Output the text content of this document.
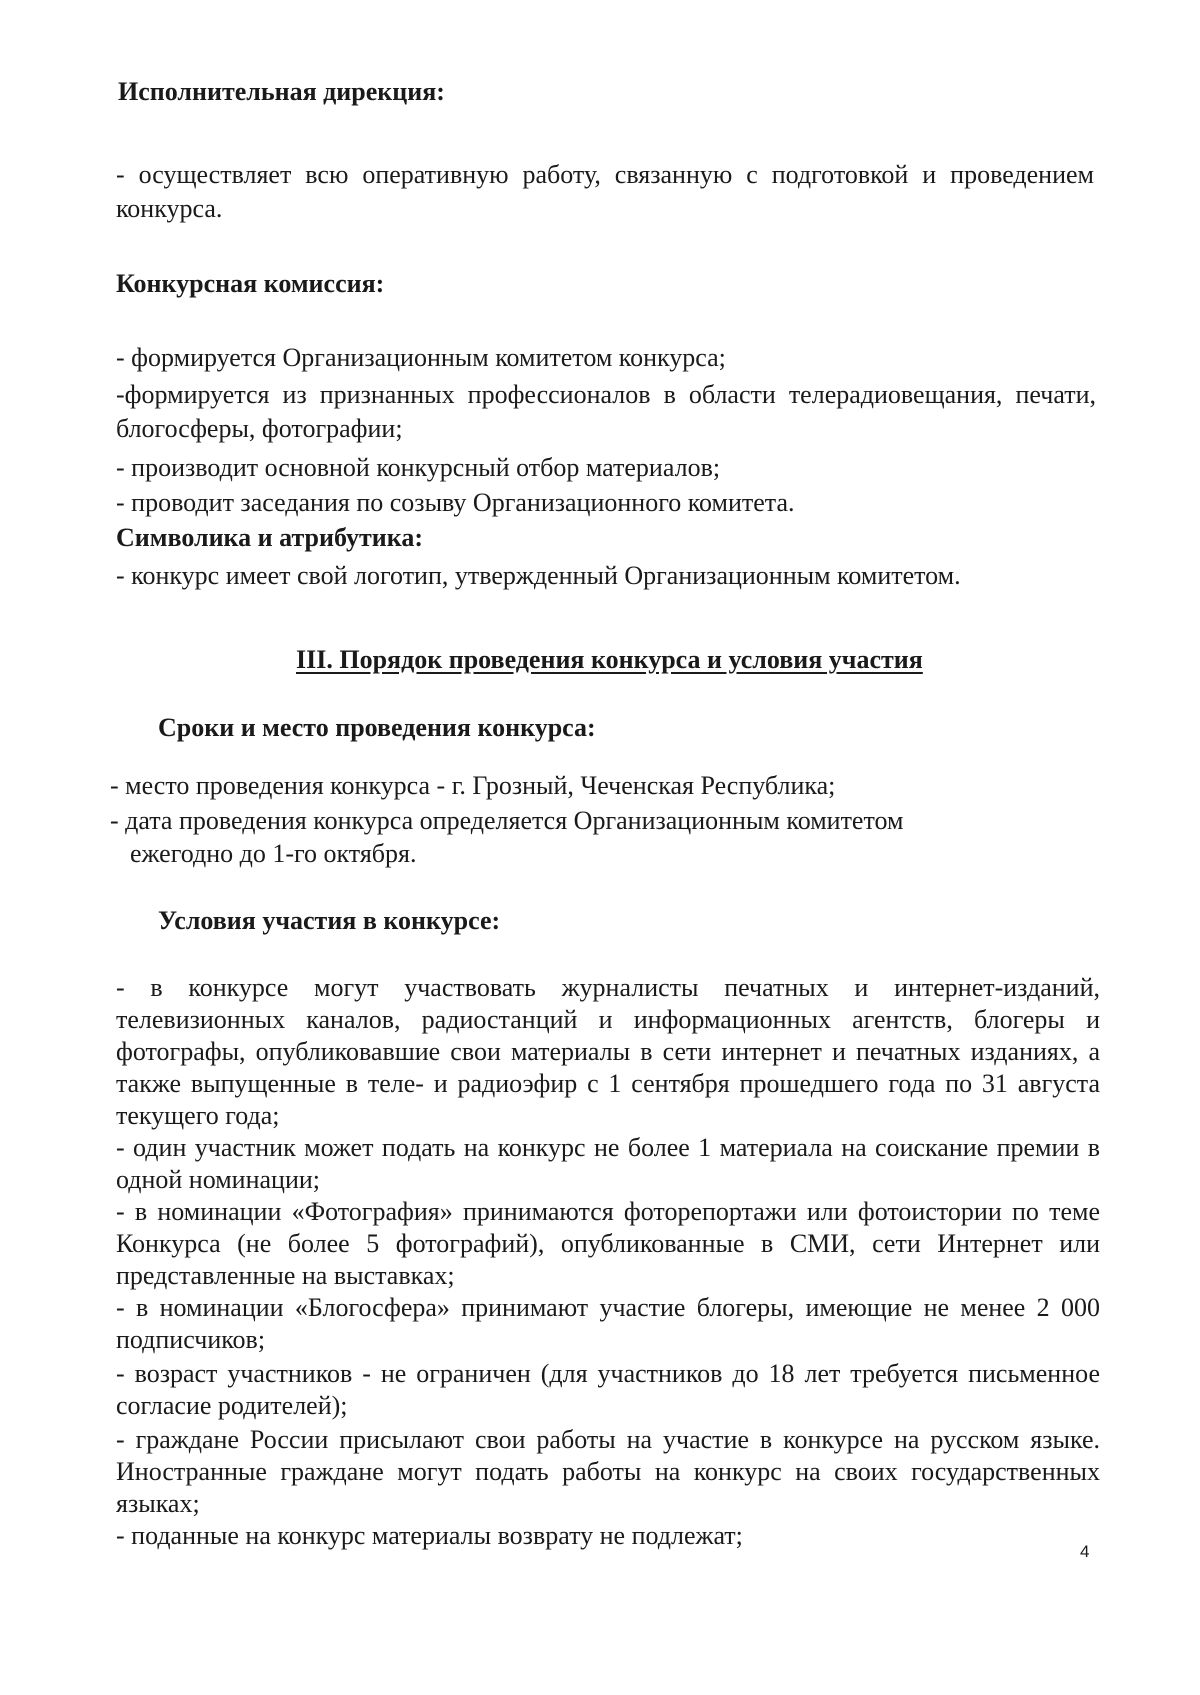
Исполнительная дирекция:
- осуществляет всю оперативную работу, связанную с подготовкой и проведением конкурса.
Конкурсная комиссия:
- формируется Организационным комитетом конкурса;
-формируется из признанных профессионалов в области телерадиовещания, печати, блогосферы, фотографии;
- производит основной конкурсный отбор материалов;
- проводит заседания по созыву Организационного комитета.
Символика и атрибутика:
- конкурс имеет свой логотип, утвержденный Организационным комитетом.
III. Порядок проведения конкурса и условия участия
Сроки и место проведения конкурса:
- место проведения конкурса - г. Грозный, Чеченская Республика;
- дата проведения конкурса определяется Организационным комитетом
ежегодно до 1-го октября.
Условия участия в конкурсе:
- в конкурсе могут участвовать журналисты печатных и интернет-изданий, телевизионных каналов, радиостанций и информационных агентств, блогеры и фотографы, опубликовавшие свои материалы в сети интернет и печатных изданиях, а также выпущенные в теле- и радиоэфир с 1 сентября прошедшего года по 31 августа текущего года;
- один участник может подать на конкурс не более 1 материала на соискание премии в одной номинации;
- в номинации «Фотография» принимаются фоторепортажи или фотоистории по теме Конкурса (не более 5 фотографий), опубликованные в СМИ, сети Интернет или представленные на выставках;
- в номинации «Блогосфера» принимают участие блогеры, имеющие не менее 2 000 подписчиков;
- возраст участников - не ограничен (для участников до 18 лет требуется письменное согласие родителей);
- граждане России присылают свои работы на участие в конкурсе на русском языке. Иностранные граждане могут подать работы на конкурс на своих государственных языках;
- поданные на конкурс материалы возврату не подлежат;
4
